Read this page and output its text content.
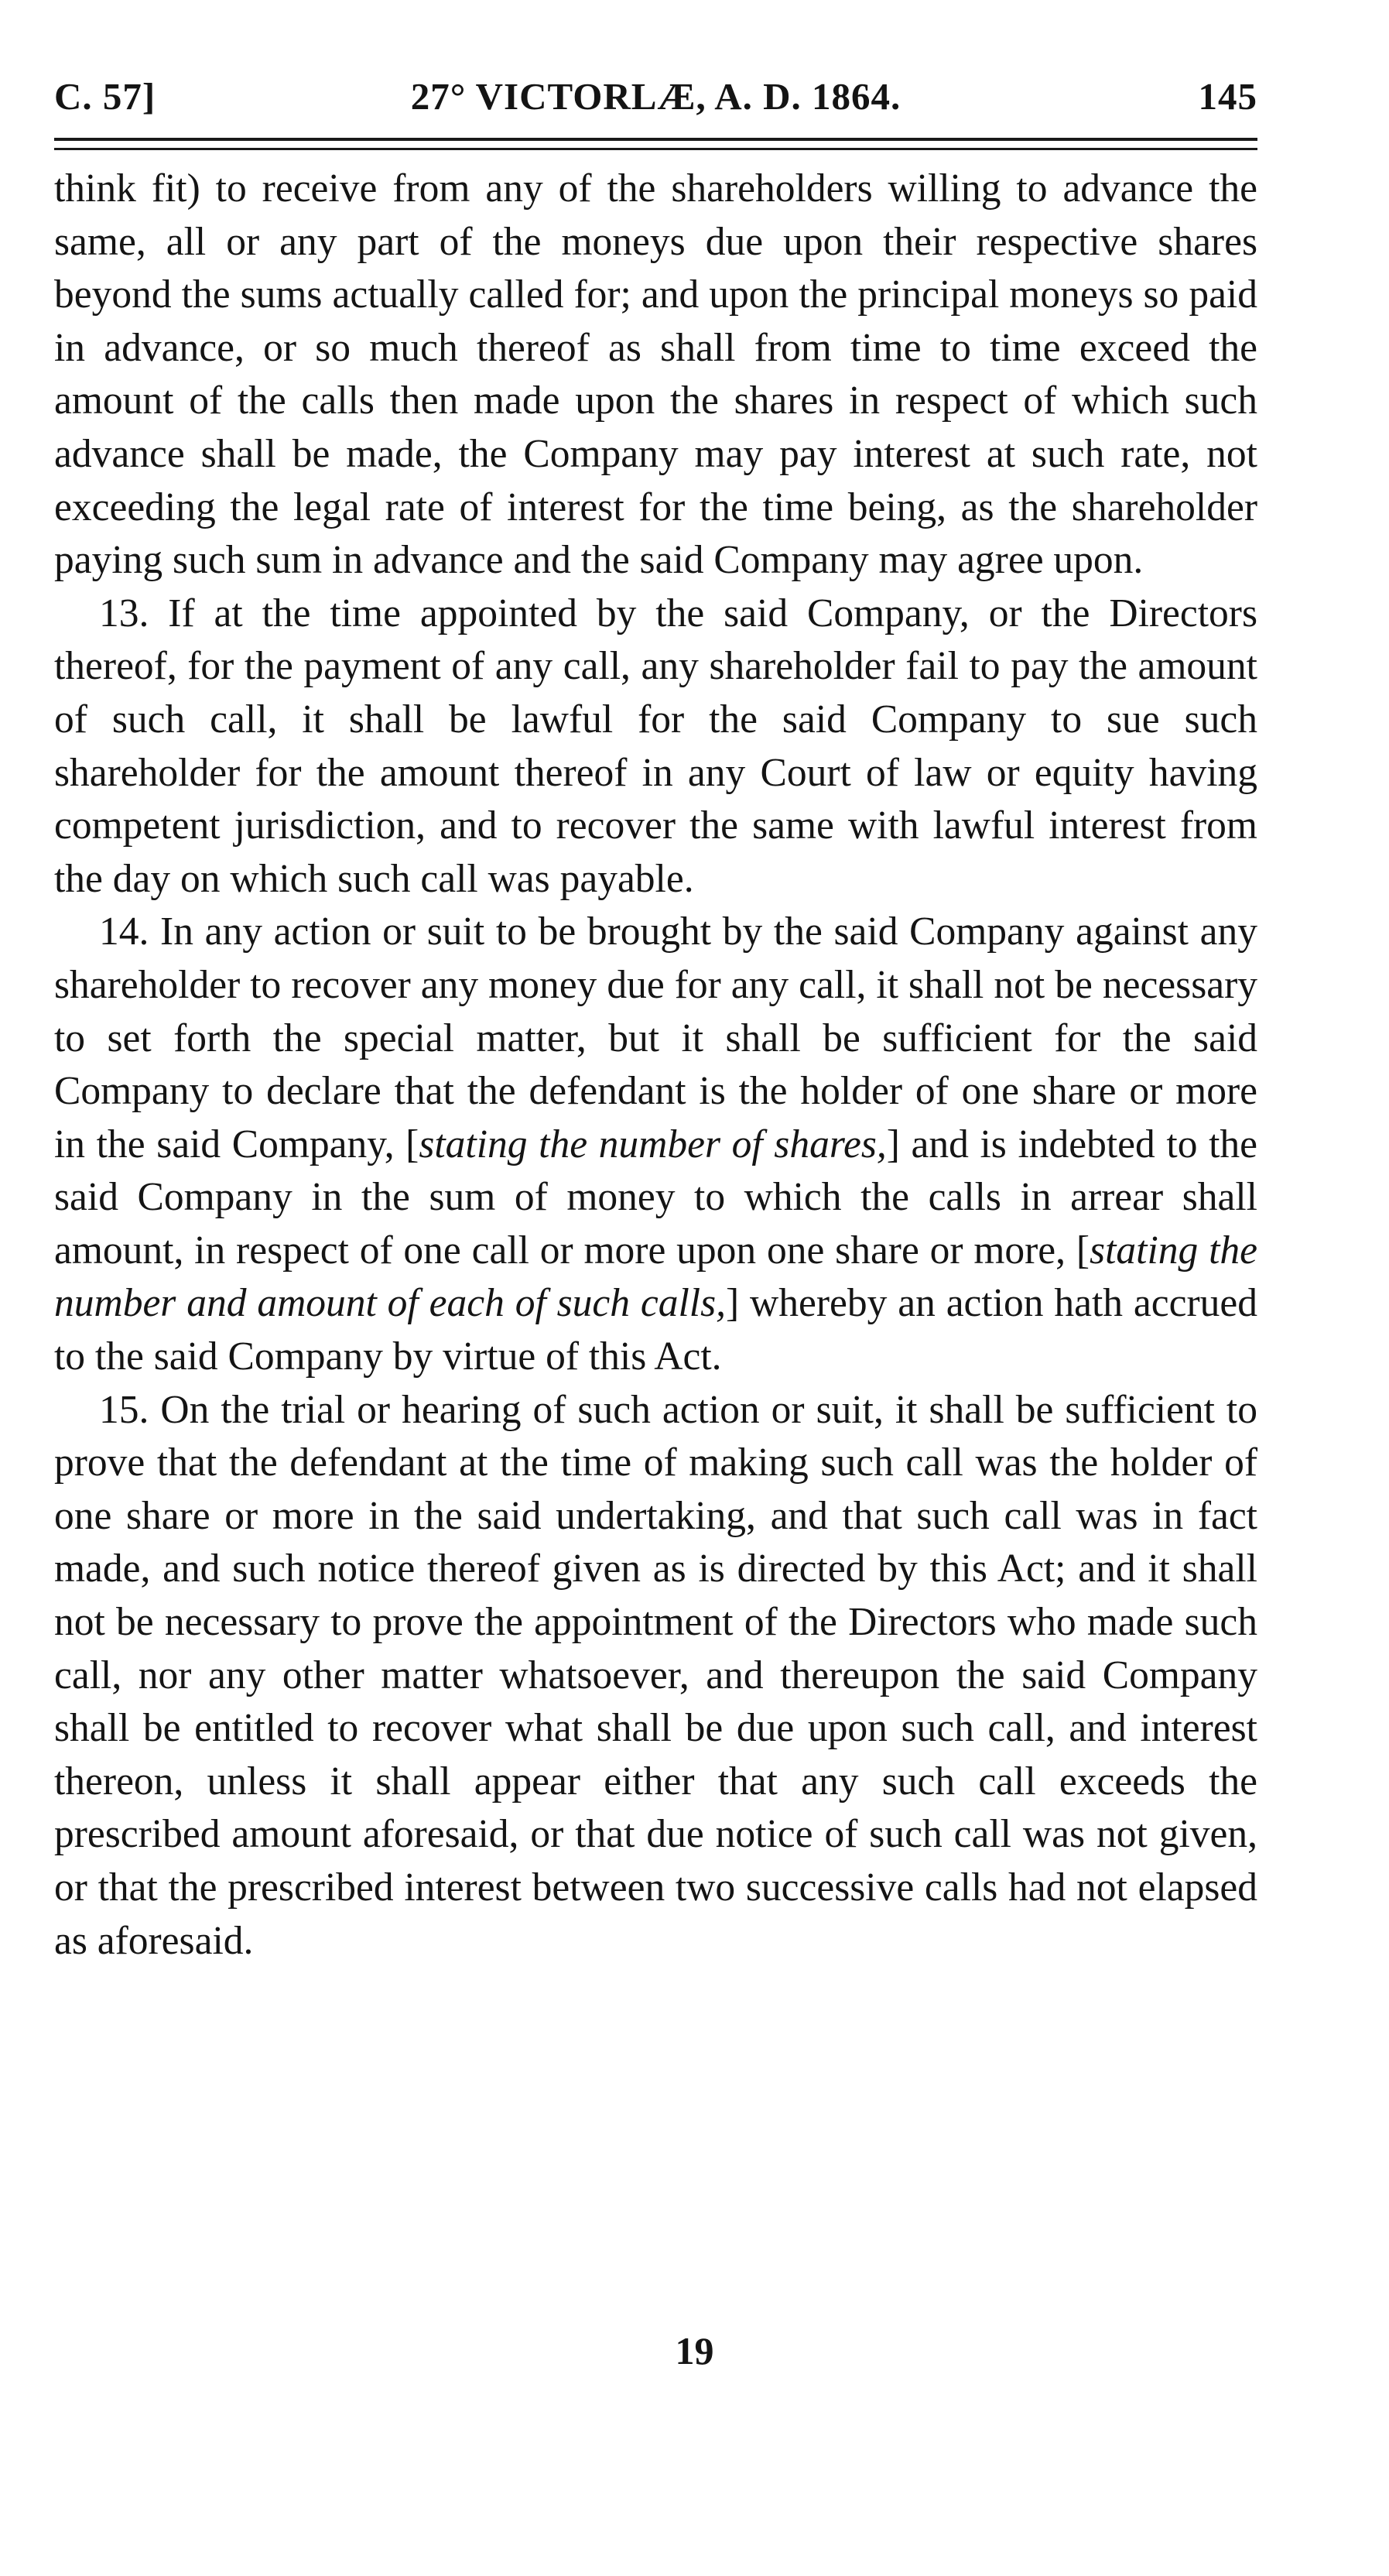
27° VICTORLÆ, A. D. 1864.
C. 57]	145

think fit) to receive from any of the shareholders willing to advance the same, all or any part of the moneys due upon their respective shares beyond the sums actually called for; and upon the principal moneys so paid in advance, or so much thereof as shall from time to time exceed the amount of the calls then made upon the shares in respect of which such advance shall be made, the Company may pay interest at such rate, not exceeding the legal rate of interest for the time being, as the shareholder paying such sum in advance and the said Company may agree upon.

13. If at the time appointed by the said Company, or the Directors thereof, for the payment of any call, any shareholder fail to pay the amount of such call, it shall be lawful for the said Company to sue such shareholder for the amount thereof in any Court of law or equity having competent jurisdiction, and to recover the same with lawful interest from the day on which such call was payable.

14. In any action or suit to be brought by the said Company against any shareholder to recover any money due for any call, it shall not be necessary to set forth the special matter, but it shall be sufficient for the said Company to declare that the defendant is the holder of one share or more in the said Company, [stating the number of shares,] and is indebted to the said Company in the sum of money to which the calls in arrear shall amount, in respect of one call or more upon one share or more, [stating the number and amount of each of such calls,] whereby an action hath accrued to the said Company by virtue of this Act.

15. On the trial or hearing of such action or suit, it shall be sufficient to prove that the defendant at the time of making such call was the holder of one share or more in the said undertaking, and that such call was in fact made, and such notice thereof given as is directed by this Act; and it shall not be necessary to prove the appointment of the Directors who made such call, nor any other matter whatsoever, and thereupon the said Company shall be entitled to recover what shall be due upon such call, and interest thereon, unless it shall appear either that any such call exceeds the prescribed amount aforesaid, or that due notice of such call was not given, or that the prescribed interest between two successive calls had not elapsed as aforesaid.

19
